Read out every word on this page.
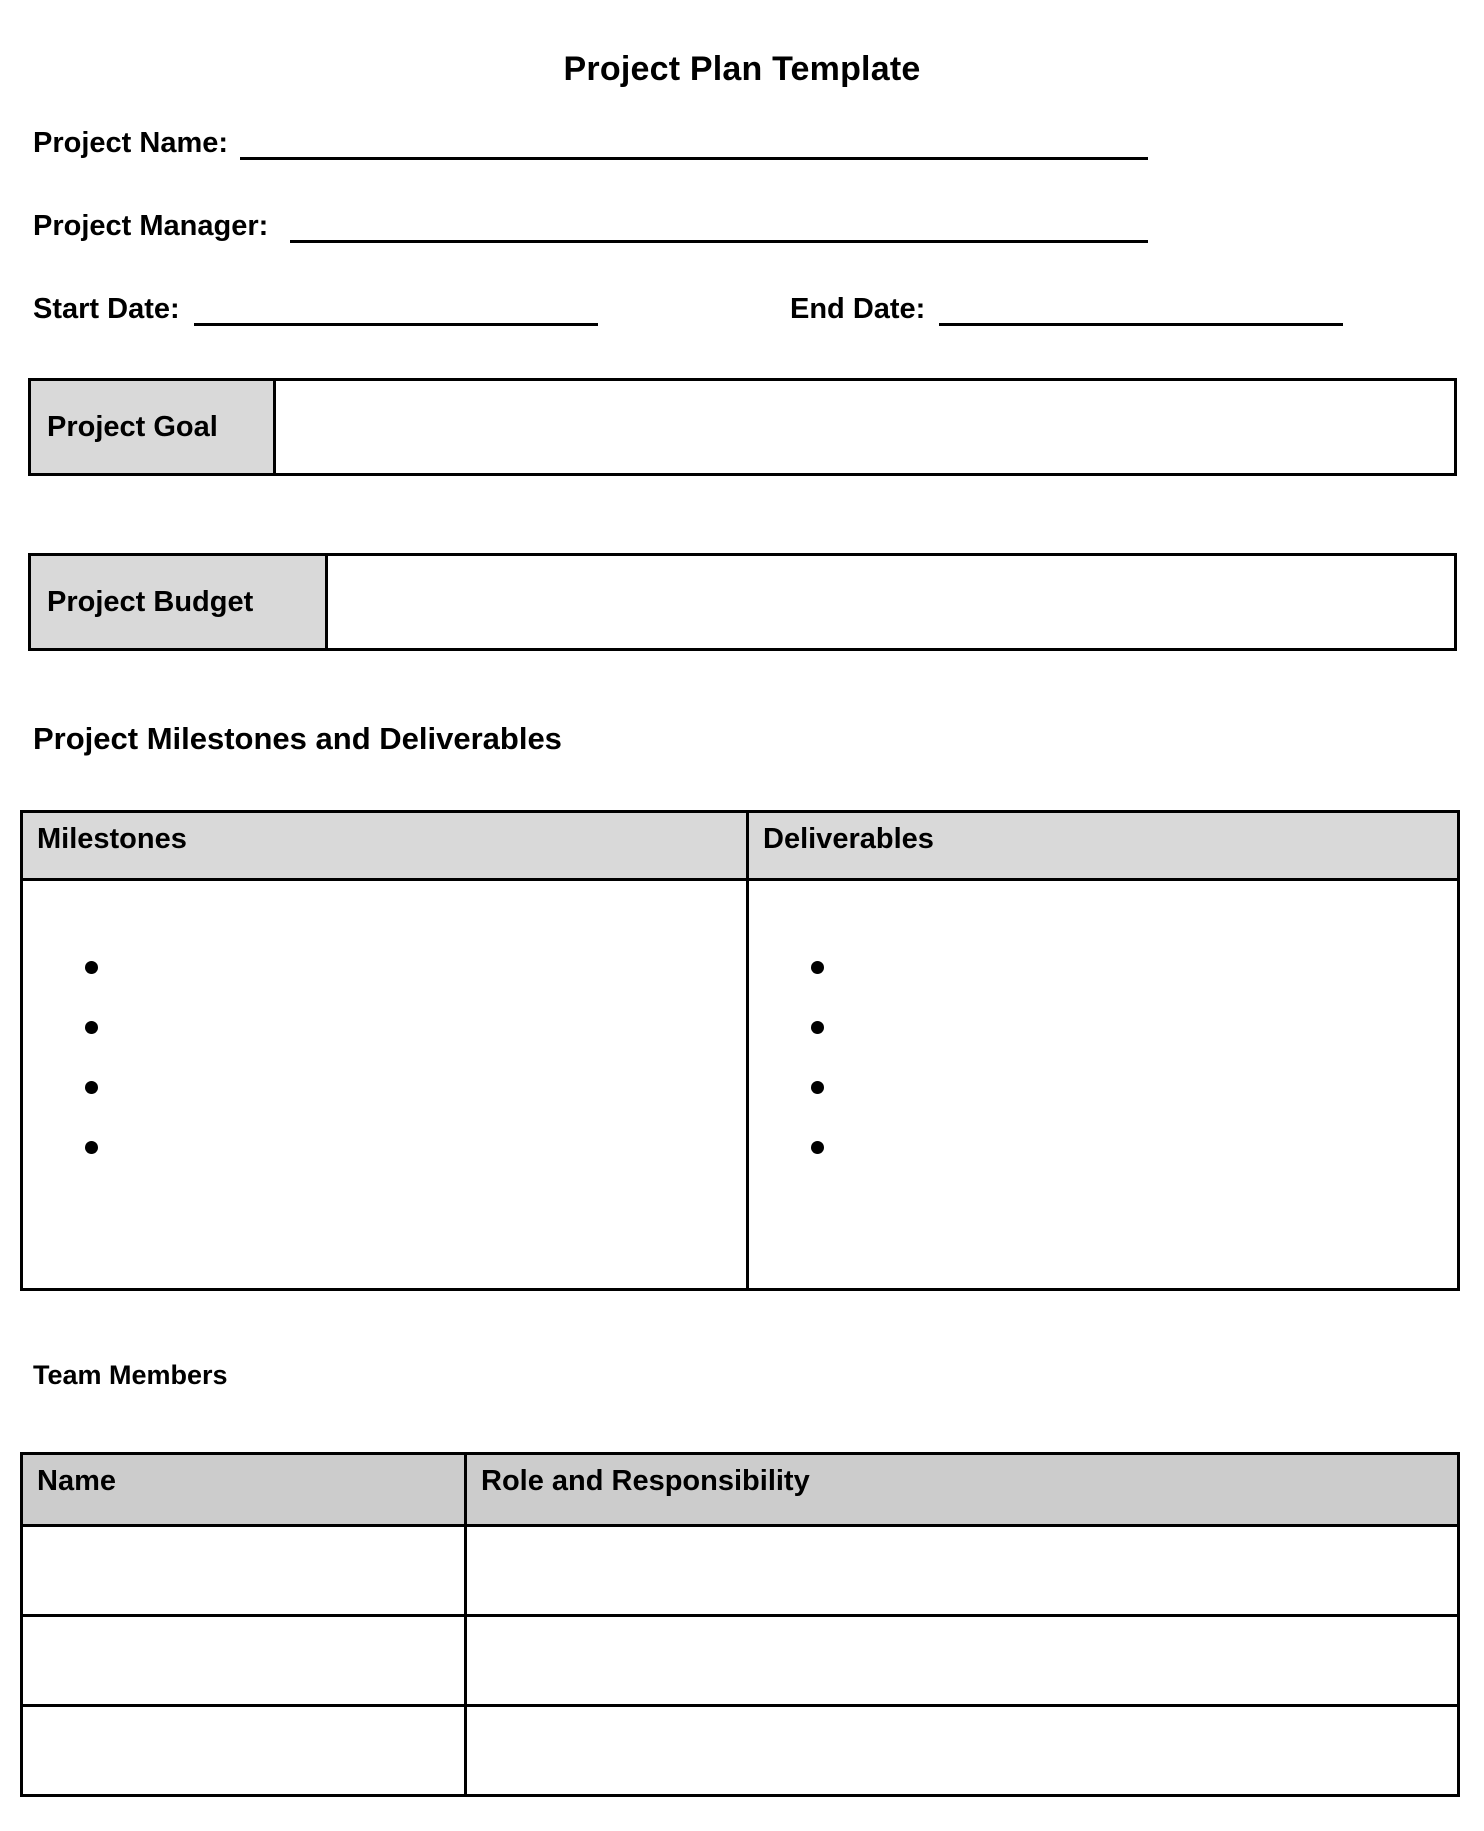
Project Plan Template
Project Name:
Project Manager:
Start Date:	End Date:
Project Goal
Project Budget
Project Milestones and Deliverables
Milestones	Deliverables

Team Members
Name	Role and Responsibility
